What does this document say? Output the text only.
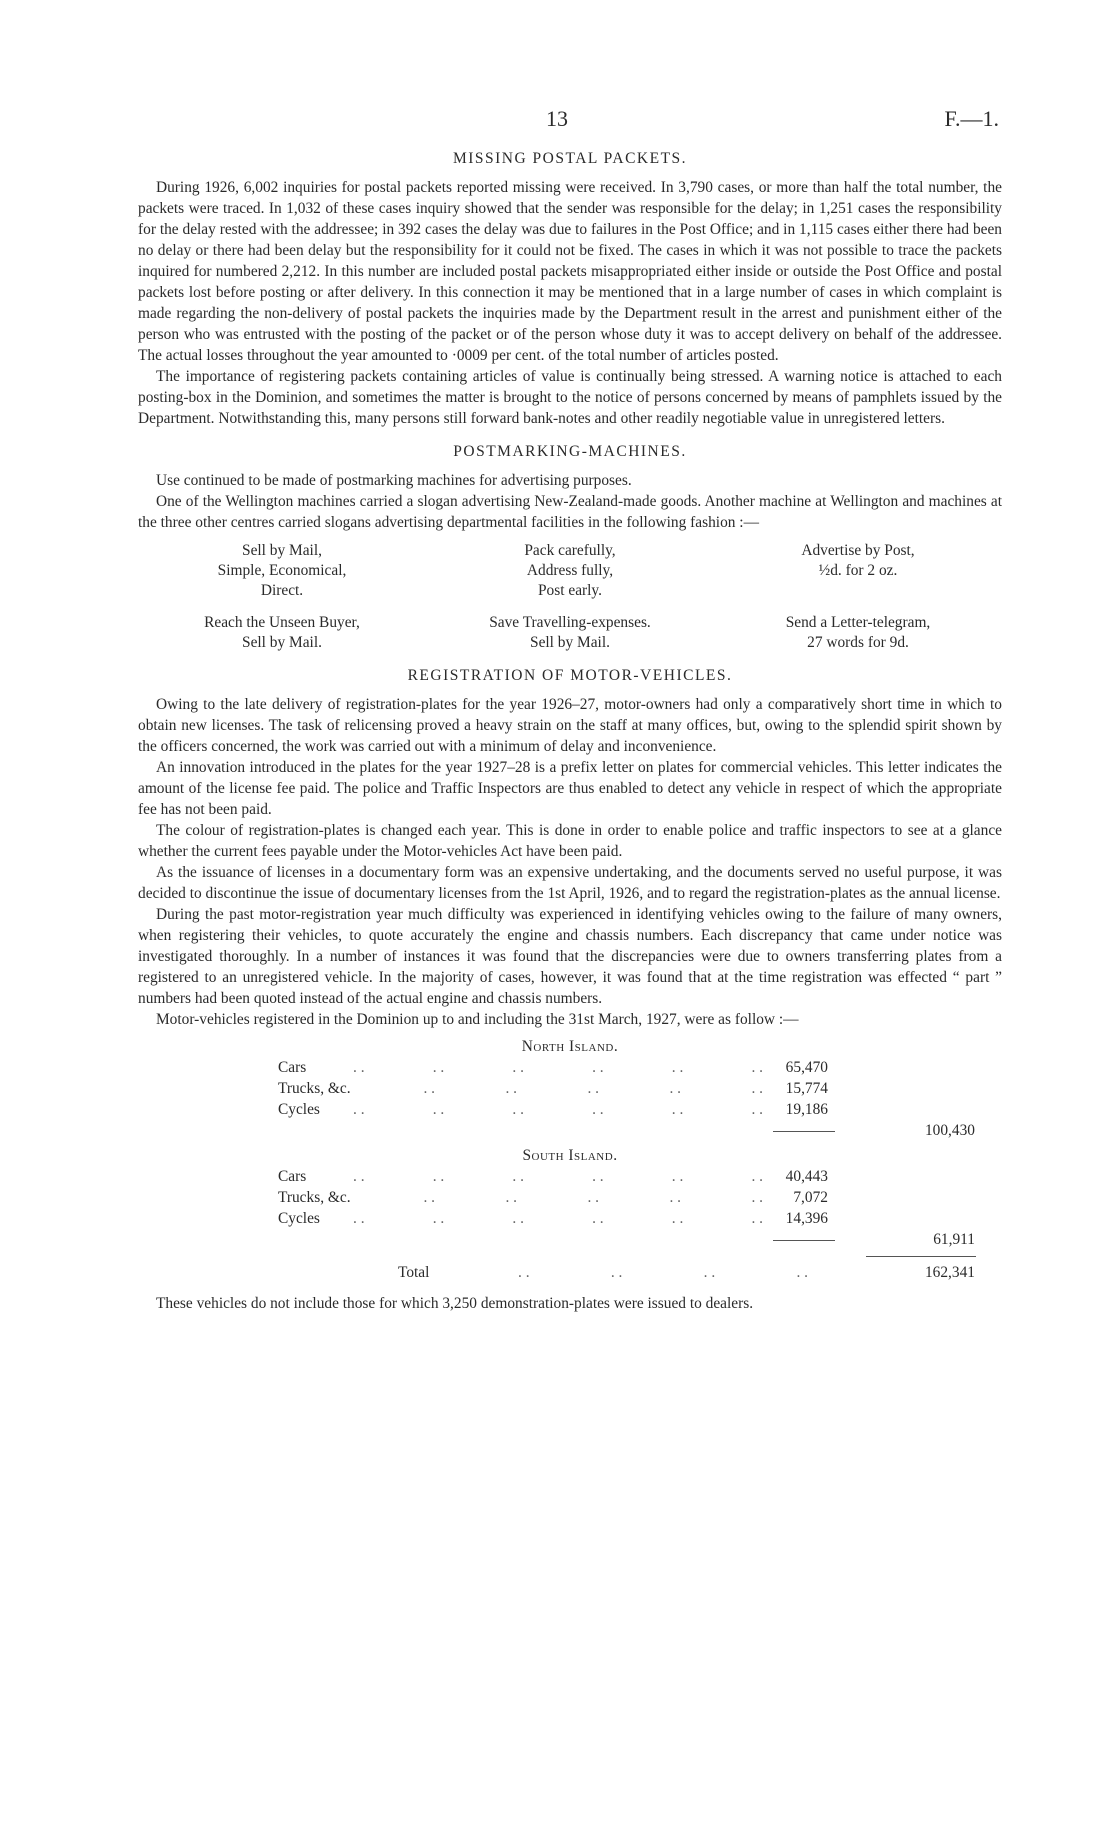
13	F.—1.
MISSING POSTAL PACKETS.

During 1926, 6,002 inquiries for postal packets reported missing were received. In 3,790 cases, or more than half the total number, the packets were traced. In 1,032 of these cases inquiry showed that the sender was responsible for the delay; in 1,251 cases the responsibility for the delay rested with the addressee; in 392 cases the delay was due to failures in the Post Office; and in 1,115 cases either there had been no delay or there had been delay but the responsibility for it could not be fixed. The cases in which it was not possible to trace the packets inquired for numbered 2,212. In this number are included postal packets misappropriated either inside or outside the Post Office and postal packets lost before posting or after delivery. In this connection it may be mentioned that in a large number of cases in which complaint is made regarding the non-delivery of postal packets the inquiries made by the Department result in the arrest and punishment either of the person who was entrusted with the posting of the packet or of the person whose duty it was to accept delivery on behalf of the addressee. The actual losses throughout the year amounted to ·0009 per cent. of the total number of articles posted.

The importance of registering packets containing articles of value is continually being stressed. A warning notice is attached to each posting-box in the Dominion, and sometimes the matter is brought to the notice of persons concerned by means of pamphlets issued by the Department. Notwithstanding this, many persons still forward bank-notes and other readily negotiable value in unregistered letters.

POSTMARKING-MACHINES.

Use continued to be made of postmarking machines for advertising purposes.

One of the Wellington machines carried a slogan advertising New-Zealand-made goods. Another machine at Wellington and machines at the three other centres carried slogans advertising departmental facilities in the following fashion :—

Sell by Mail,
Simple, Economical,
Direct.
Pack carefully,
Address fully,
Post early.
Advertise by Post,
½d. for 2 oz.
Reach the Unseen Buyer,
Sell by Mail.
Save Travelling-expenses.
Sell by Mail.
Send a Letter-telegram,
27 words for 9d.
REGISTRATION OF MOTOR-VEHICLES.

Owing to the late delivery of registration-plates for the year 1926–27, motor-owners had only a comparatively short time in which to obtain new licenses. The task of relicensing proved a heavy strain on the staff at many offices, but, owing to the splendid spirit shown by the officers concerned, the work was carried out with a minimum of delay and inconvenience.

An innovation introduced in the plates for the year 1927–28 is a prefix letter on plates for commercial vehicles. This letter indicates the amount of the license fee paid. The police and Traffic Inspectors are thus enabled to detect any vehicle in respect of which the appropriate fee has not been paid.

The colour of registration-plates is changed each year. This is done in order to enable police and traffic inspectors to see at a glance whether the current fees payable under the Motor-vehicles Act have been paid.

As the issuance of licenses in a documentary form was an expensive undertaking, and the documents served no useful purpose, it was decided to discontinue the issue of documentary licenses from the 1st April, 1926, and to regard the registration-plates as the annual license.

During the past motor-registration year much difficulty was experienced in identifying vehicles owing to the failure of many owners, when registering their vehicles, to quote accurately the engine and chassis numbers. Each discrepancy that came under notice was investigated thoroughly. In a number of instances it was found that the discrepancies were due to owners transferring plates from a registered to an unregistered vehicle. In the majority of cases, however, it was found that at the time registration was effected “ part ” numbers had been quoted instead of the actual engine and chassis numbers.

Motor-vehicles registered in the Dominion up to and including the 31st March, 1927, were as follow :—

North Island.
Cars	. .	. .	. .	. .	. .	. .	65,470
Trucks, &c.	. .	. .	. .	. .	. .	15,774
Cycles . .	. .	. .	. .	. .	. .	19,186
100,430
South Island.
Cars	. .	. .	. .	. .	. .	. .	40,443
Trucks, &c.	. .	. .	. .	. .	. .	7,072
Cycles . .	. .	. .	. .	. .	. .	14,396
61,911
Total	. .	. .	. .	. .	162,341

These vehicles do not include those for which 3,250 demonstration-plates were issued to dealers.
